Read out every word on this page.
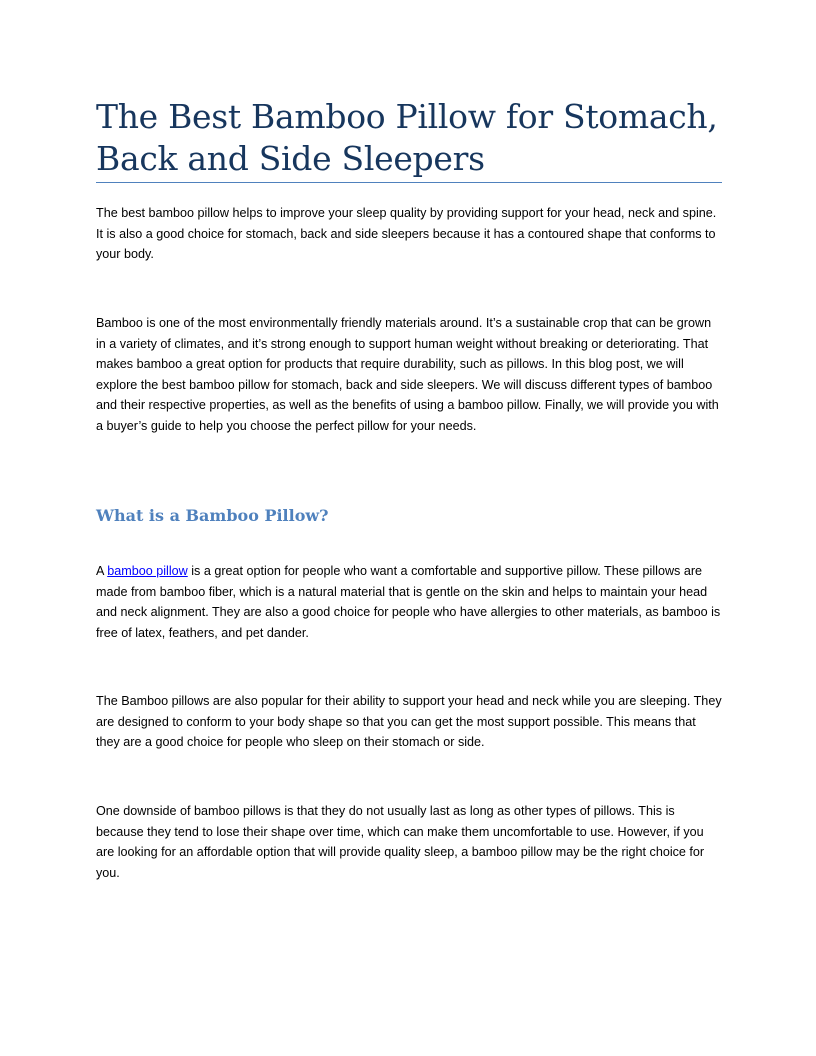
The Best Bamboo Pillow for Stomach, Back and Side Sleepers

The best bamboo pillow helps to improve your sleep quality by providing support for your head, neck and spine. It is also a good choice for stomach, back and side sleepers because it has a contoured shape that conforms to your body.

Bamboo is one of the most environmentally friendly materials around. It’s a sustainable crop that can be grown in a variety of climates, and it’s strong enough to support human weight without breaking or deteriorating. That makes bamboo a great option for products that require durability, such as pillows. In this blog post, we will explore the best bamboo pillow for stomach, back and side sleepers. We will discuss different types of bamboo and their respective properties, as well as the benefits of using a bamboo pillow. Finally, we will provide you with a buyer’s guide to help you choose the perfect pillow for your needs.

What is a Bamboo Pillow?

A bamboo pillow is a great option for people who want a comfortable and supportive pillow. These pillows are made from bamboo fiber, which is a natural material that is gentle on the skin and helps to maintain your head and neck alignment. They are also a good choice for people who have allergies to other materials, as bamboo is free of latex, feathers, and pet dander.

The Bamboo pillows are also popular for their ability to support your head and neck while you are sleeping. They are designed to conform to your body shape so that you can get the most support possible. This means that they are a good choice for people who sleep on their stomach or side.

One downside of bamboo pillows is that they do not usually last as long as other types of pillows. This is because they tend to lose their shape over time, which can make them uncomfortable to use. However, if you are looking for an affordable option that will provide quality sleep, a bamboo pillow may be the right choice for you.
